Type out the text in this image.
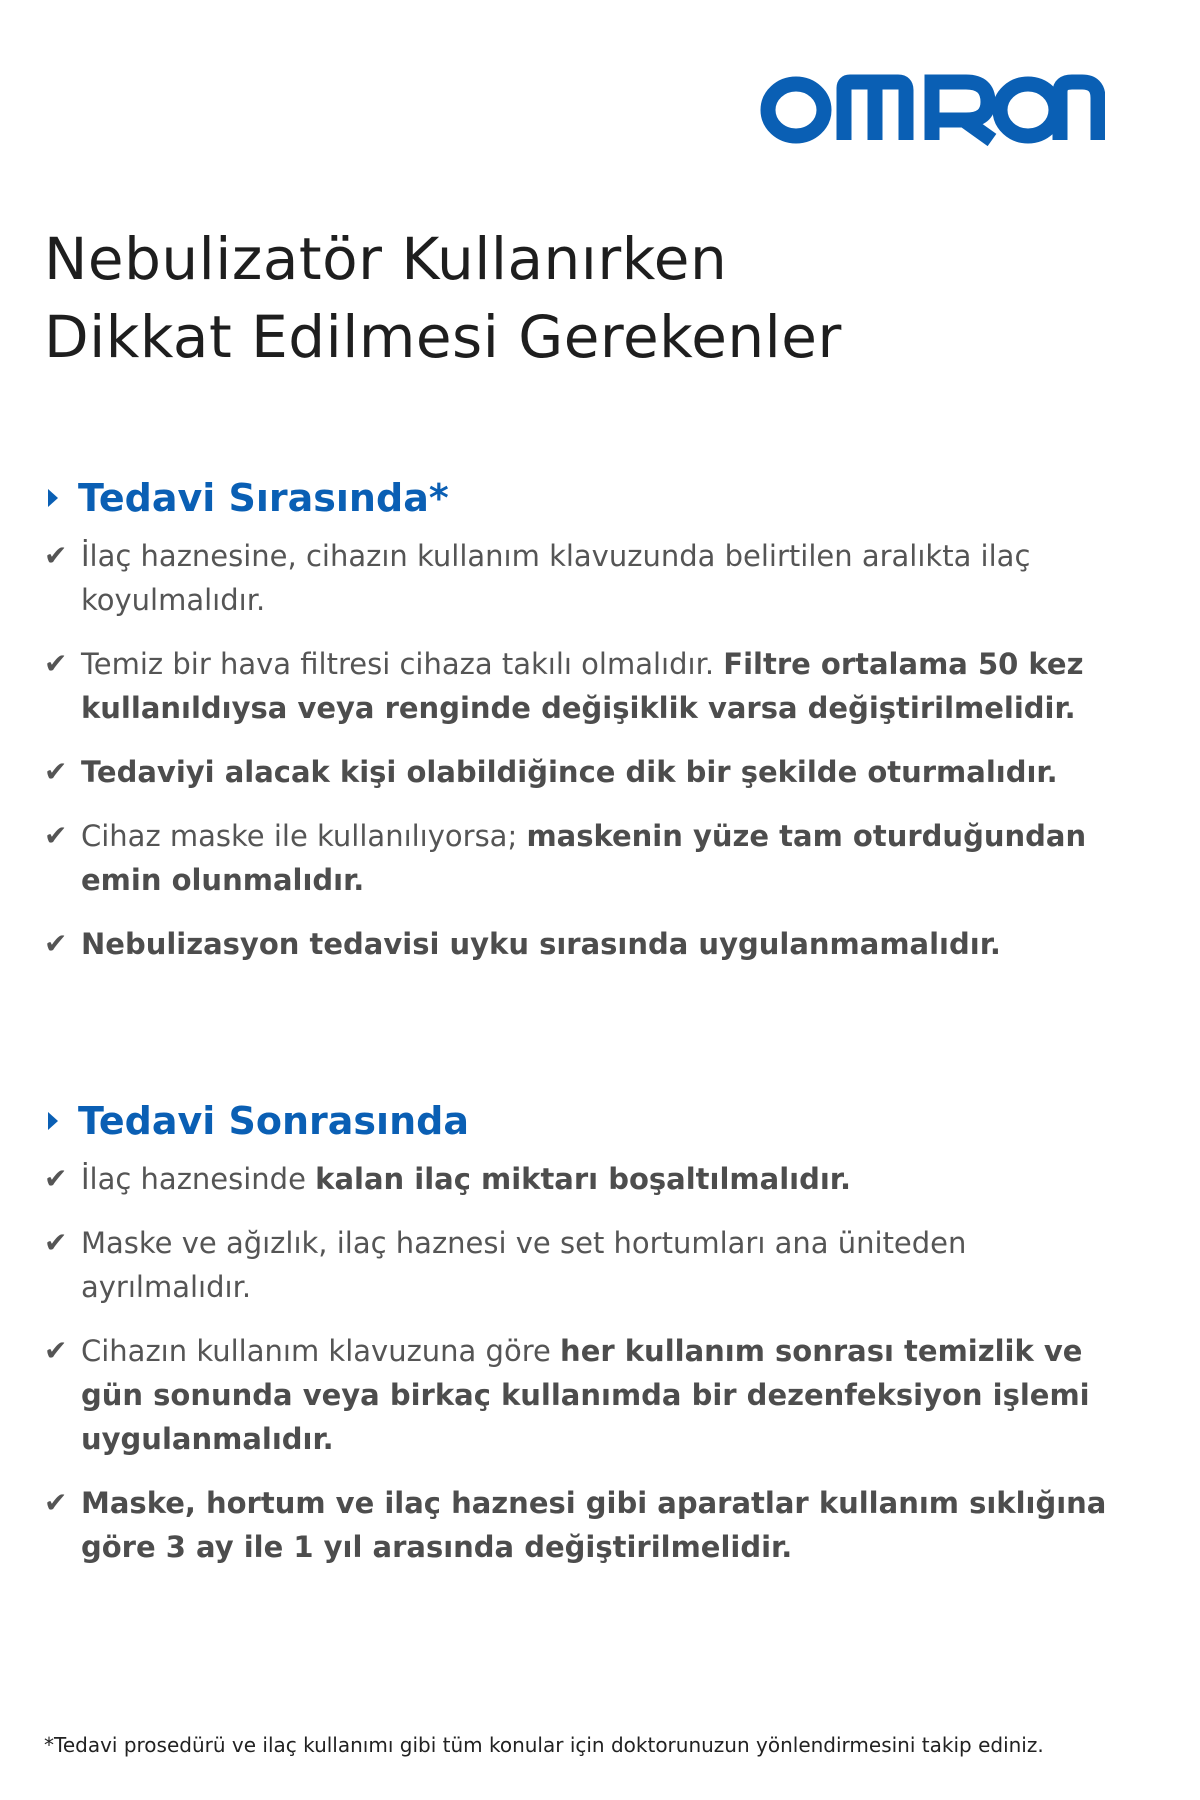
Nebulizatör Kullanırken
Dikkat Edilmesi Gerekenler
Tedavi Sırasında*
✔ İlaç haznesine, cihazın kullanım klavuzunda belirtilen aralıkta ilaç koyulmalıdır.
✔ Temiz bir hava filtresi cihaza takılı olmalıdır. Filtre ortalama 50 kez kullanıldıysa veya renginde değişiklik varsa değiştirilmelidir.
✔ Tedaviyi alacak kişi olabildiğince dik bir şekilde oturmalıdır.
✔ Cihaz maske ile kullanılıyorsa; maskenin yüze tam oturduğundan emin olunmalıdır.
✔ Nebulizasyon tedavisi uyku sırasında uygulanmamalıdır.
Tedavi Sonrasında
✔ İlaç haznesinde kalan ilaç miktarı boşaltılmalıdır.
✔ Maske ve ağızlık, ilaç haznesi ve set hortumları ana üniteden ayrılmalıdır.
✔ Cihazın kullanım klavuzuna göre her kullanım sonrası temizlik ve gün sonunda veya birkaç kullanımda bir dezenfeksiyon işlemi uygulanmalıdır.
✔ Maske, hortum ve ilaç haznesi gibi aparatlar kullanım sıklığına göre 3 ay ile 1 yıl arasında değiştirilmelidir.
*Tedavi prosedürü ve ilaç kullanımı gibi tüm konular için doktorunuzun yönlendirmesini takip ediniz.
